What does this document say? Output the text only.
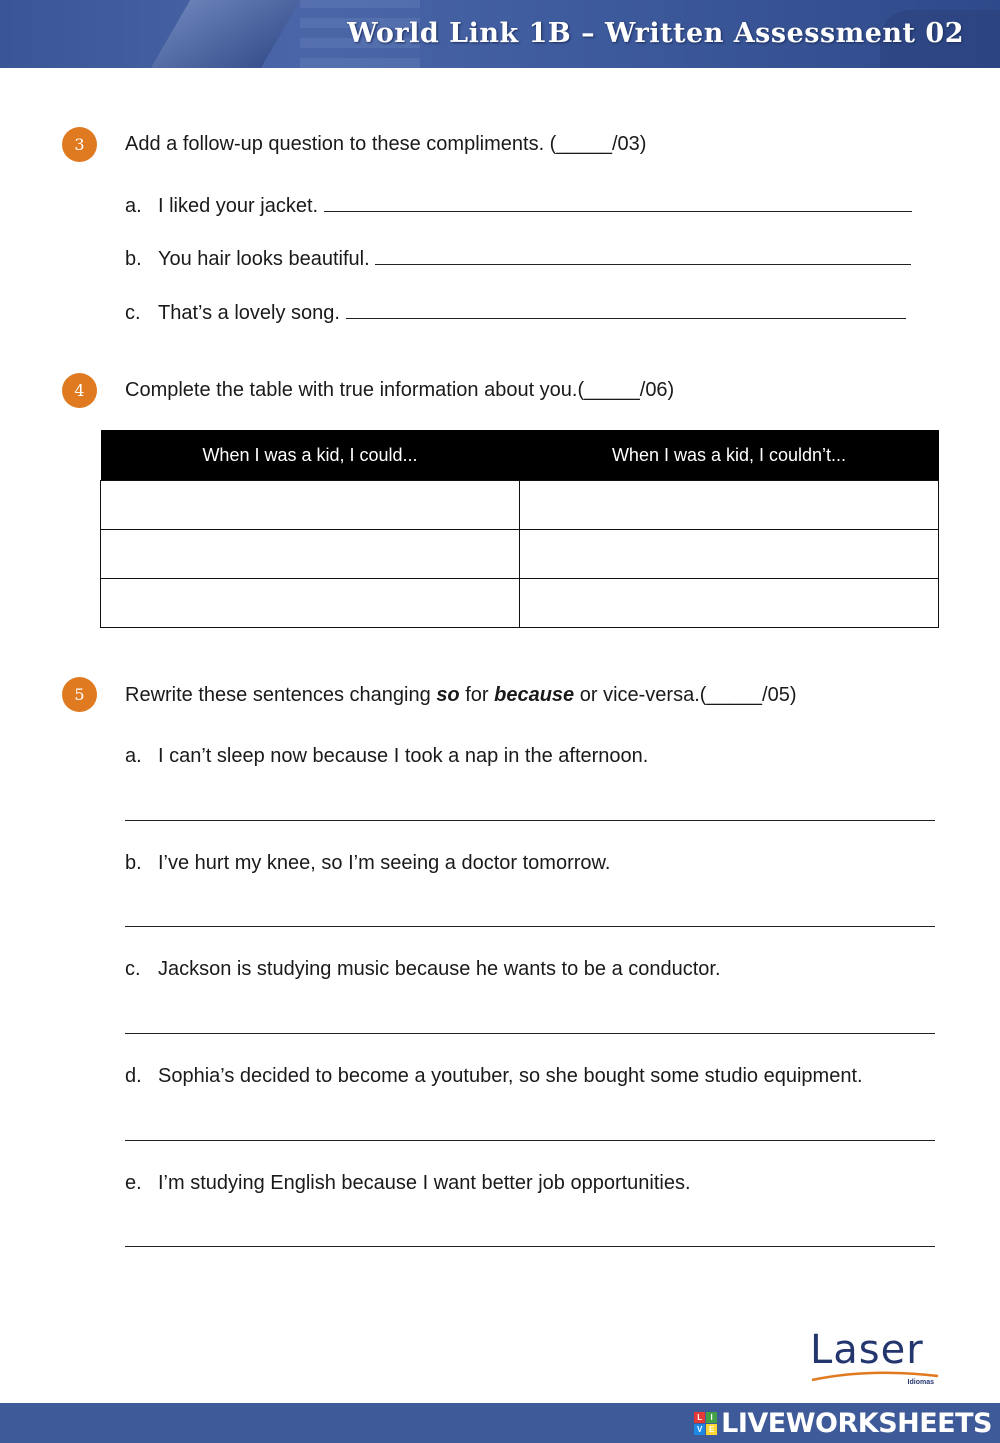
World Link 1B – Written Assessment 02
3	Add a follow-up question to these compliments. (_____/03)
a. I liked your jacket.
b. You hair looks beautiful.
c. That’s a lovely song.
4	Complete the table with true information about you.(_____/06)
When I was a kid, I could...	When I was a kid, I couldn’t...

5	Rewrite these sentences changing so for because or vice-versa.(_____/05)
a. I can’t sleep now because I took a nap in the afternoon.
b. I’ve hurt my knee, so I’m seeing a doctor tomorrow.
c. Jackson is studying music because he wants to be a conductor.
d. Sophia’s decided to become a youtuber, so she bought some studio equipment.
e. I’m studying English because I want better job opportunities.
Laser
Idiomas
L	I
V E LIVEWORKSHEETS
